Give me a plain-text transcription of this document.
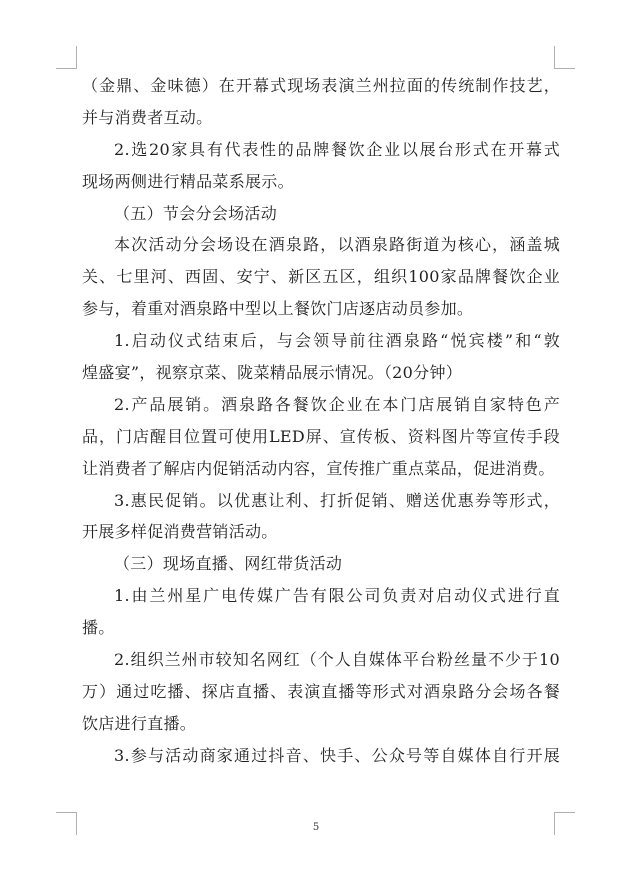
（金鼎、金味德）在开幕式现场表演兰州拉面的传统制作技艺，
并与消费者互动。
2.选20家具有代表性的品牌餐饮企业以展台形式在开幕式
现场两侧进行精品菜系展示。
（五）节会分会场活动
本次活动分会场设在酒泉路，以酒泉路街道为核心，涵盖城
关、七里河、西固、安宁、新区五区，组织100家品牌餐饮企业
参与，着重对酒泉路中型以上餐饮门店逐店动员参加。
1.启动仪式结束后，与会领导前往酒泉路“悦宾楼”和“敦
煌盛宴”，视察京菜、陇菜精品展示情况。（20分钟）
2.产品展销。酒泉路各餐饮企业在本门店展销自家特色产
品，门店醒目位置可使用LED屏、宣传板、资料图片等宣传手段
让消费者了解店内促销活动内容，宣传推广重点菜品，促进消费。
3.惠民促销。以优惠让利、打折促销、赠送优惠券等形式，
开展多样促消费营销活动。
（三）现场直播、网红带货活动
1.由兰州星广电传媒广告有限公司负责对启动仪式进行直
播。
2.组织兰州市较知名网红（个人自媒体平台粉丝量不少于10
万）通过吃播、探店直播、表演直播等形式对酒泉路分会场各餐
饮店进行直播。
3.参与活动商家通过抖音、快手、公众号等自媒体自行开展
5
